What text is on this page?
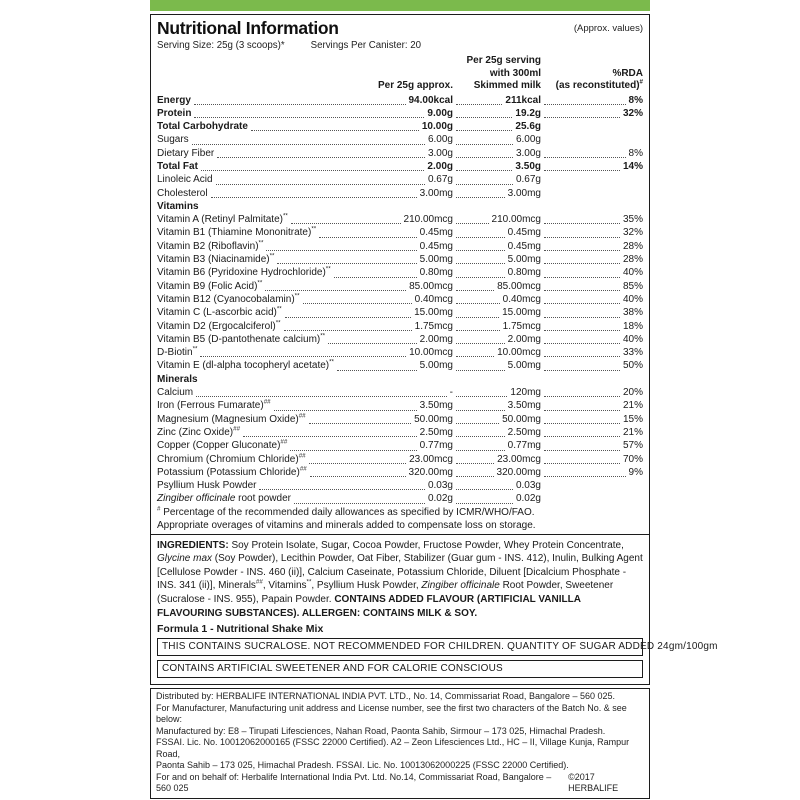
Nutritional Information	(Approx. values)
Serving Size: 25g (3 scoops)*	Servings Per Canister: 20
Per 25g approx.
Per 25g serving
with 300ml
Skimmed milk
%RDA
(as reconstituted)#
Energy	94.00kcal	211kcal	8%
Protein	9.00g	19.2g	32%
Total Carbohydrate	10.00g	25.6g
Sugars	6.00g	6.00g
Dietary Fiber	3.00g	3.00g	8%
Total Fat	2.00g	3.50g	14%
Linoleic Acid	0.67g	0.67g
Cholesterol	3.00mg	3.00mg
Vitamins
Vitamin A (Retinyl Palmitate)**	210.00mcg	210.00mcg	35%
Vitamin B1 (Thiamine Mononitrate)**	0.45mg	0.45mg	32%
Vitamin B2 (Riboflavin)**	0.45mg	0.45mg	28%
Vitamin B3 (Niacinamide)**	5.00mg	5.00mg	28%
Vitamin B6 (Pyridoxine Hydrochloride)**	0.80mg	0.80mg	40%
Vitamin B9 (Folic Acid)**	85.00mcg	85.00mcg	85%
Vitamin B12 (Cyanocobalamin)**	0.40mcg	0.40mcg	40%
Vitamin C (L-ascorbic acid)**	15.00mg	15.00mg	38%
Vitamin D2 (Ergocalciferol)**	1.75mcg	1.75mcg	18%
Vitamin B5 (D-pantothenate calcium)**	2.00mg	2.00mg	40%
D-Biotin**	10.00mcg	10.00mcg	33%
Vitamin E (dl-alpha tocopheryl acetate)**	5.00mg	5.00mg	50%
Minerals
Calcium	-	120mg	20%
Iron (Ferrous Fumarate)##	3.50mg	3.50mg	21%
Magnesium (Magnesium Oxide)##	50.00mg	50.00mg	15%
Zinc (Zinc Oxide)##	2.50mg	2.50mg	21%
Copper (Copper Gluconate)##	0.77mg	0.77mg	57%
Chromium (Chromium Chloride)##	23.00mcg	23.00mcg	70%
Potassium (Potassium Chloride)##	320.00mg	320.00mg	9%
Psyllium Husk Powder	0.03g	0.03g
Zingiber officinale root powder	0.02g	0.02g
# Percentage of the recommended daily allowances as specified by ICMR/WHO/FAO.
Appropriate overages of vitamins and minerals added to compensate loss on storage.

INGREDIENTS: Soy Protein Isolate, Sugar, Cocoa Powder, Fructose Powder, Whey Protein Concentrate, Glycine max (Soy Powder), Lecithin Powder, Oat Fiber, Stabilizer (Guar gum - INS. 412), Inulin, Bulking Agent [Cellulose Powder - INS. 460 (ii)], Calcium Caseinate, Potassium Chloride, Diluent [Dicalcium Phosphate - INS. 341 (ii)], Minerals##, Vitamins**, Psyllium Husk Powder, Zingiber officinale Root Powder, Sweetener (Sucralose - INS. 955), Papain Powder. CONTAINS ADDED FLAVOUR (ARTIFICIAL VANILLA FLAVOURING SUBSTANCES). ALLERGEN: CONTAINS MILK & SOY.

Formula 1 - Nutritional Shake Mix
THIS CONTAINS SUCRALOSE. NOT RECOMMENDED FOR CHILDREN. QUANTITY OF SUGAR ADDED 24gm/100gm
CONTAINS ARTIFICIAL SWEETENER AND FOR CALORIE CONSCIOUS
Distributed by: HERBALIFE INTERNATIONAL INDIA PVT. LTD., No. 14, Commissariat Road, Bangalore – 560 025.
For Manufacturer, Manufacturing unit address and License number, see the first two characters of the Batch No. & see below:
Manufactured by: E8 – Tirupati Lifesciences, Nahan Road, Paonta Sahib, Sirmour – 173 025, Himachal Pradesh.
FSSAI. Lic. No. 10012062000165 (FSSC 22000 Certified). A2 – Zeon Lifesciences Ltd., HC – II, Village Kunja, Rampur Road,
Paonta Sahib – 173 025, Himachal Pradesh. FSSAI. Lic. No. 10013062000225 (FSSC 22000 Certified).
For and on behalf of: Herbalife International India Pvt. Ltd. No.14, Commissariat Road, Bangalore – 560 025
©2017 HERBALIFE
